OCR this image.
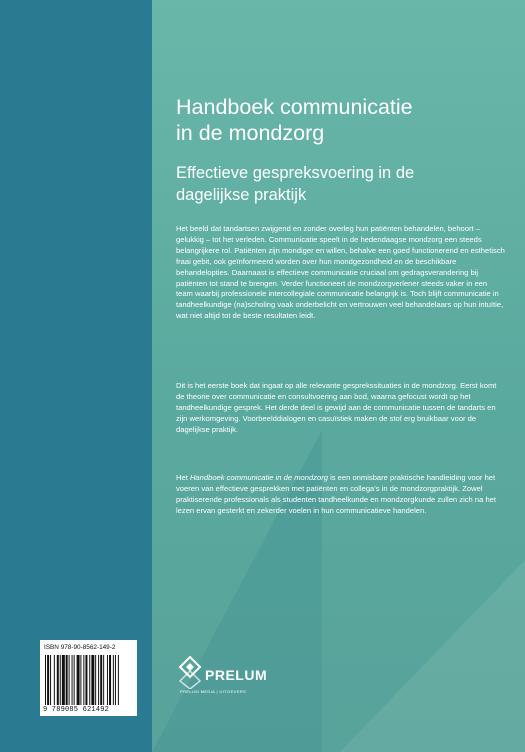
Handboek communicatie
in de mondzorg
Effectieve gespreksvoering in de
dagelijkse praktijk
Het beeld dat tandartsen zwijgend en zonder overleg hun patiënten behandelen, behoort – gelukkig – tot het verleden. Communicatie speelt in de hedendaagse mondzorg een steeds belangrijkere rol. Patiënten zijn mondiger en willen, behalve een goed functionerend en esthetisch fraai gebit, ook geïnformeerd worden over hun mondgezondheid en de beschikbare behandelopties. Daarnaast is effectieve communicatie cruciaal om gedragsverandering bij patiënten tot stand te brengen. Verder functioneert de mondzorgverlener steeds vaker in een team waarbij professionele intercollegiale communicatie belangrijk is. Toch blijft communicatie in tandheelkundige (na)scholing vaak onderbelicht en vertrouwen veel behandelaars op hun intuïtie, wat niet altijd tot de beste resultaten leidt.
Dit is het eerste boek dat ingaat op alle relevante gesprekssituaties in de mondzorg. Eerst komt de theorie over communicatie en consultvoering aan bod, waarna gefocust wordt op het tandheelkundige gesprek. Het derde deel is gewijd aan de communicatie tussen de tandarts en zijn werkomgeving. Voorbeelddialogen en casuïstiek maken de stof erg bruikbaar voor de dagelijkse praktijk.
Het Handboek communicatie in de mondzorg is een onmisbare praktische handleiding voor het voeren van effectieve gesprekken met patiënten en collega's in de mondzorgpraktijk. Zowel praktiserende professionals als studenten tandheelkunde en mondzorgkunde zullen zich na het lezen ervan gesterkt en zekerder voelen in hun communicatieve handelen.
ISBN 978-90-8562-149-2
9 789085 621492
PRELUM
PRELUM MEDIA | UITGEVERS
